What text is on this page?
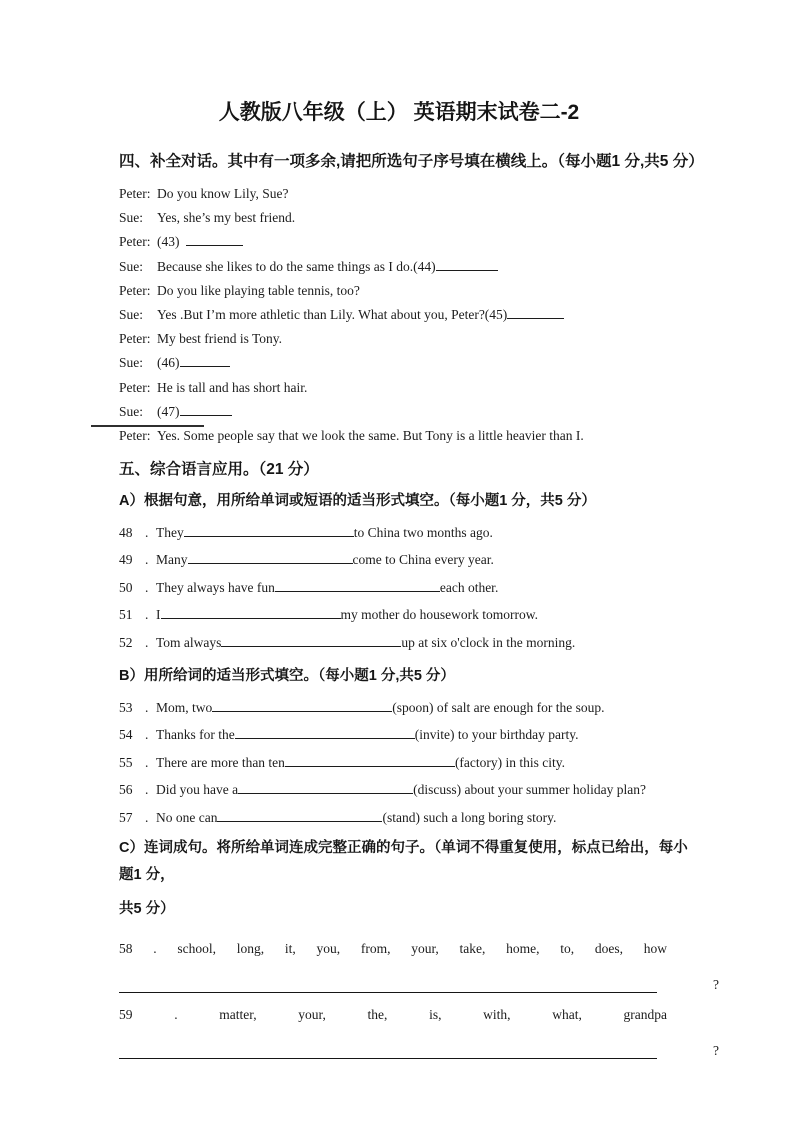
人教版八年级（上） 英语期末试卷二-2
四、补全对话。其中有一项多余,请把所选句子序号填在横线上。（每小题1 分,共5 分）
Peter: Do you know Lily, Sue?
Sue:	Yes, she’s my best friend.
Peter: (43)
Sue:	Because she likes to do the same things as I do.(44)
Peter: Do you like playing table tennis, too?
Sue:	Yes .But I’m more athletic than Lily. What about you, Peter?(45)
Peter: My best friend is Tony.
Sue:	(46)
Peter: He is tall and has short hair.
Sue:	(47)
Peter: Yes. Some people say that we look the same. But Tony is a little heavier than I.
五、综合语言应用。（21 分）
A）根据句意，用所给单词或短语的适当形式填空。（每小题1 分，共5 分）
48 . They	to China two months ago.
49 . Many	come to China every year.
50 . They always have fun	each other.
51 . I	my mother do housework tomorrow.
52 . Tom always	up at six o'clock in the morning.
B）用所给词的适当形式填空。（每小题1 分,共5 分）
53 . Mom, two	(spoon) of salt are enough for the soup.
54 . Thanks for the	(invite) to your birthday party.
55 . There are more than ten	(factory) in this city.
56 . Did you have a	(discuss) about your summer holiday plan?
57 . No one can	(stand) such a long boring story.
C）连词成句。将所给单词连成完整正确的句子。（单词不得重复使用，标点已给出，每小题1 分，
共5 分）
58 . school, long, it, you, from, your, take, home, to, does, how
?
59 . matter, your, the, is, with, what, grandpa
?
